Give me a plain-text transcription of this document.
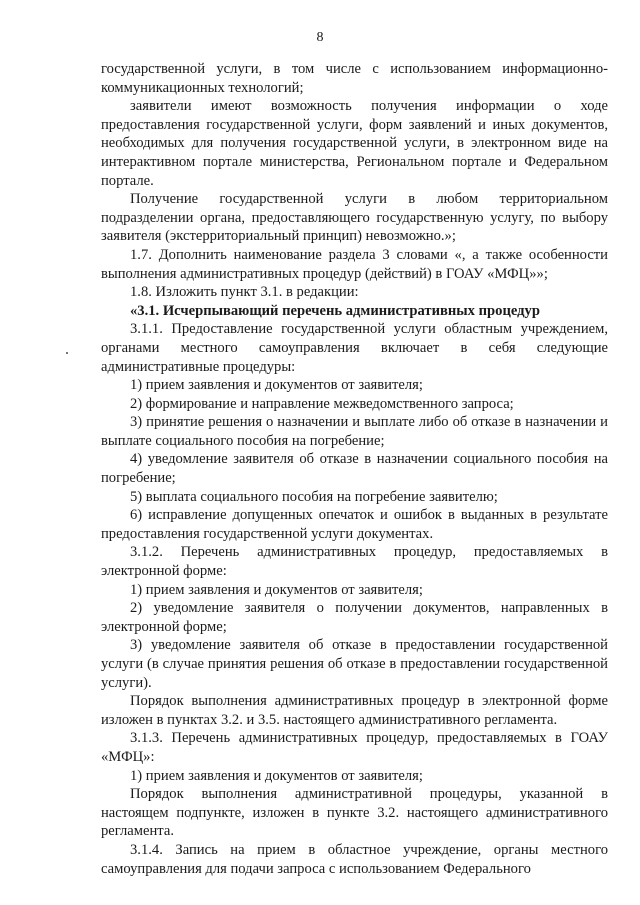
8

государственной услуги, в том числе с использованием информационно-коммуникационных технологий;

заявители имеют возможность получения информации о ходе предоставления государственной услуги, форм заявлений и иных документов, необходимых для получения государственной услуги, в электронном виде на интерактивном портале министерства, Региональном портале и Федеральном портале.

Получение государственной услуги в любом территориальном подразделении органа, предоставляющего государственную услугу, по выбору заявителя (экстерриториальный принцип) невозможно.»;

1.7. Дополнить наименование раздела 3 словами «, а также особенности выполнения административных процедур (действий) в ГОАУ «МФЦ»»;

1.8. Изложить пункт 3.1. в редакции:

«3.1. Исчерпывающий перечень административных процедур

3.1.1. Предоставление государственной услуги областным учреждением, органами местного самоуправления включает в себя следующие административные процедуры:

1) прием заявления и документов от заявителя;

2) формирование и направление межведомственного запроса;

3) принятие решения о назначении и выплате либо об отказе в назначении и выплате социального пособия на погребение;

4) уведомление заявителя об отказе в назначении социального пособия на погребение;

5) выплата социального пособия на погребение заявителю;

6) исправление допущенных опечаток и ошибок в выданных в результате предоставления государственной услуги документах.

3.1.2. Перечень административных процедур, предоставляемых в электронной форме:

1) прием заявления и документов от заявителя;

2) уведомление заявителя о получении документов, направленных в электронной форме;

3) уведомление заявителя об отказе в предоставлении государственной услуги (в случае принятия решения об отказе в предоставлении государственной услуги).

Порядок выполнения административных процедур в электронной форме изложен в пунктах 3.2. и 3.5. настоящего административного регламента.

3.1.3. Перечень административных процедур, предоставляемых в ГОАУ «МФЦ»:

1) прием заявления и документов от заявителя;

Порядок выполнения административной процедуры, указанной в настоящем подпункте, изложен в пункте 3.2. настоящего административного регламента.

3.1.4. Запись на прием в областное учреждение, органы местного самоуправления для подачи запроса с использованием Федерального
